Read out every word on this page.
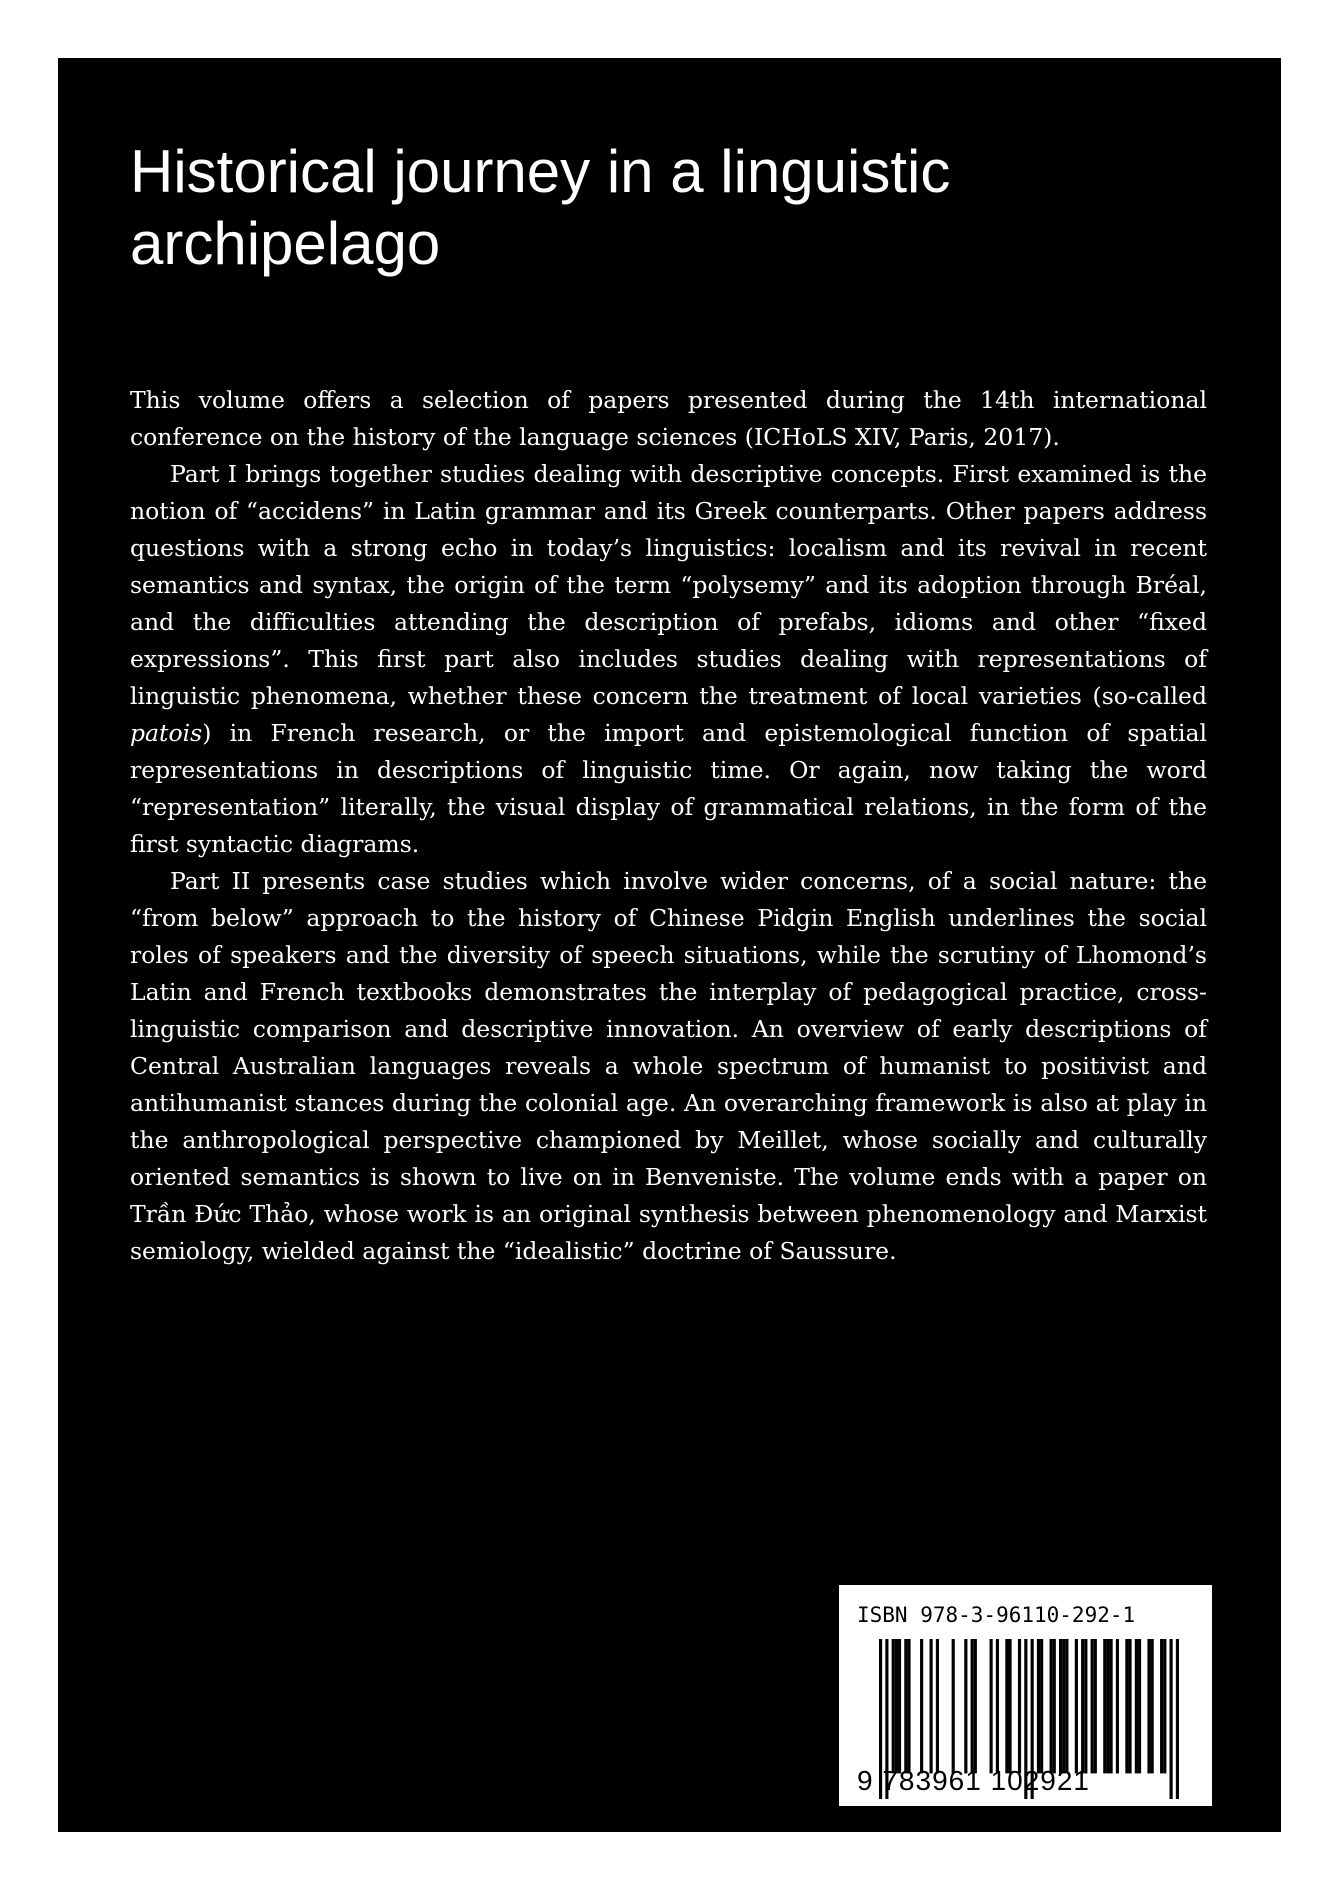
Historical journey in a linguistic archipelago

This volume offers a selection of papers presented during the 14th international conference on the history of the language sciences (ICHoLS XIV, Paris, 2017).

Part I brings together studies dealing with descriptive concepts. First examined is the notion of “accidens” in Latin grammar and its Greek counterparts. Other papers address questions with a strong echo in today’s linguistics: localism and its revival in recent semantics and syntax, the origin of the term “polysemy” and its adoption through Bréal, and the difficulties attending the description of prefabs, idioms and other “fixed expressions”. This first part also includes studies dealing with representations of linguistic phenomena, whether these concern the treatment of local varieties (so-called patois) in French research, or the import and epistemological function of spatial representations in descriptions of linguistic time. Or again, now taking the word “representation” literally, the visual display of grammatical relations, in the form of the first syntactic diagrams.

Part II presents case studies which involve wider concerns, of a social nature: the “from below” approach to the history of Chinese Pidgin English underlines the social roles of speakers and the diversity of speech situations, while the scrutiny of Lhomond’s Latin and French textbooks demonstrates the interplay of pedagogical practice, cross-linguistic comparison and descriptive innovation. An overview of early descriptions of Central Australian languages reveals a whole spectrum of humanist to positivist and antihumanist stances during the colonial age. An overarching framework is also at play in the anthropological perspective championed by Meillet, whose socially and culturally oriented semantics is shown to live on in Benveniste. The volume ends with a paper on Trần Đức Thảo, whose work is an original synthesis between phenomenology and Marxist semiology, wielded against the “idealistic” doctrine of Saussure.

ISBN 978-3-96110-292-1
9 783961 102921
